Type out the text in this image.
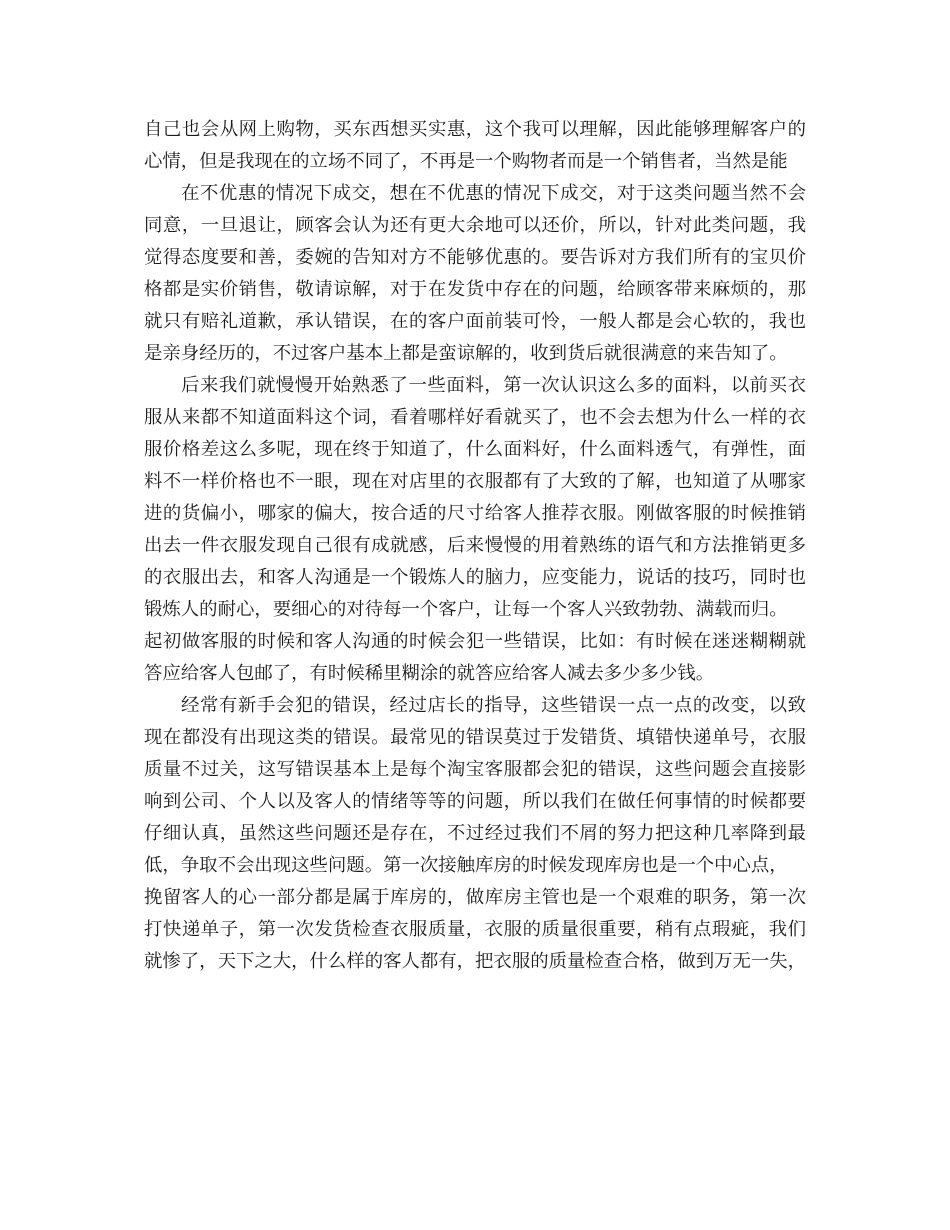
自己也会从网上购物，买东西想买实惠，这个我可以理解，因此能够理解客户的
心情，但是我现在的立场不同了，不再是一个购物者而是一个销售者，当然是能
在不优惠的情况下成交，想在不优惠的情况下成交，对于这类问题当然不会
同意，一旦退让，顾客会认为还有更大余地可以还价，所以，针对此类问题，我
觉得态度要和善，委婉的告知对方不能够优惠的。要告诉对方我们所有的宝贝价
格都是实价销售，敬请谅解，对于在发货中存在的问题，给顾客带来麻烦的，那
就只有赔礼道歉，承认错误，在的客户面前装可怜，一般人都是会心软的，我也
是亲身经历的，不过客户基本上都是蛮谅解的，收到货后就很满意的来告知了。
后来我们就慢慢开始熟悉了一些面料，第一次认识这么多的面料，以前买衣
服从来都不知道面料这个词，看着哪样好看就买了，也不会去想为什么一样的衣
服价格差这么多呢，现在终于知道了，什么面料好，什么面料透气，有弹性，面
料不一样价格也不一眼，现在对店里的衣服都有了大致的了解，也知道了从哪家
进的货偏小，哪家的偏大，按合适的尺寸给客人推荐衣服。刚做客服的时候推销
出去一件衣服发现自己很有成就感，后来慢慢的用着熟练的语气和方法推销更多
的衣服出去，和客人沟通是一个锻炼人的脑力，应变能力，说话的技巧，同时也
锻炼人的耐心，要细心的对待每一个客户，让每一个客人兴致勃勃、满载而归。
起初做客服的时候和客人沟通的时候会犯一些错误，比如：有时候在迷迷糊糊就
答应给客人包邮了，有时候稀里糊涂的就答应给客人减去多少多少钱。
经常有新手会犯的错误，经过店长的指导，这些错误一点一点的改变，以致
现在都没有出现这类的错误。最常见的错误莫过于发错货、填错快递单号，衣服
质量不过关，这写错误基本上是每个淘宝客服都会犯的错误，这些问题会直接影
响到公司、个人以及客人的情绪等等的问题，所以我们在做任何事情的时候都要
仔细认真，虽然这些问题还是存在，不过经过我们不屑的努力把这种几率降到最
低，争取不会出现这些问题。第一次接触库房的时候发现库房也是一个中心点，
挽留客人的心一部分都是属于库房的，做库房主管也是一个艰难的职务，第一次
打快递单子，第一次发货检查衣服质量，衣服的质量很重要，稍有点瑕疵，我们
就惨了，天下之大，什么样的客人都有，把衣服的质量检查合格，做到万无一失，
